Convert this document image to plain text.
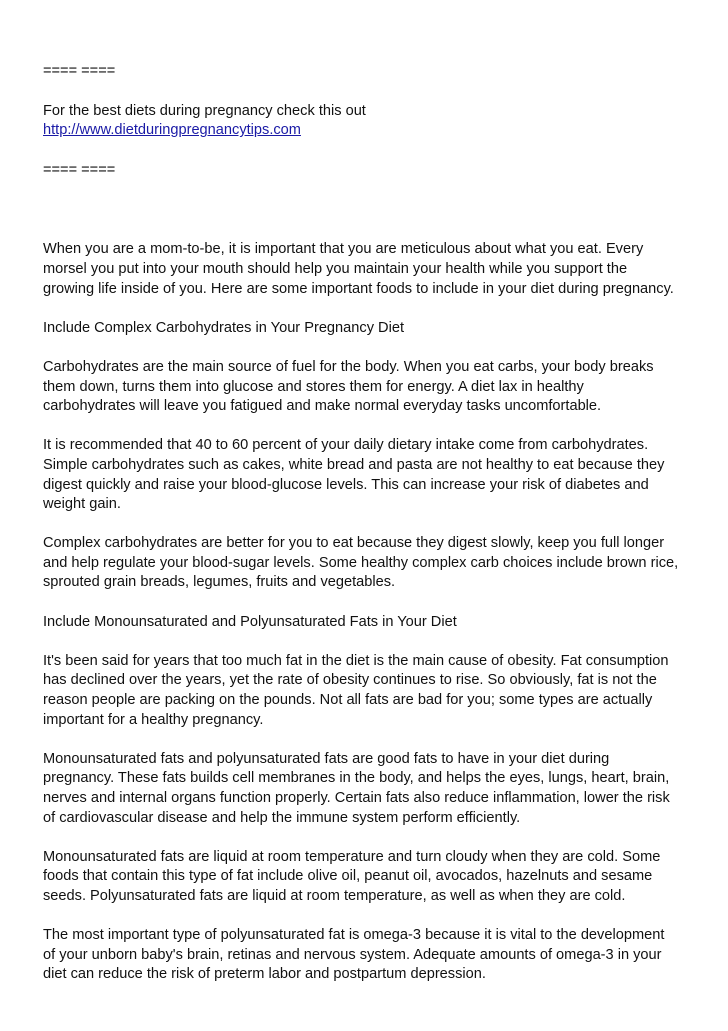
==== ====

For the best diets during pregnancy check this out

http://www.dietduringpregnancytips.com

==== ====

When you are a mom-to-be, it is important that you are meticulous about what you eat. Every
morsel you put into your mouth should help you maintain your health while you support the
growing life inside of you. Here are some important foods to include in your diet during pregnancy.

Include Complex Carbohydrates in Your Pregnancy Diet

Carbohydrates are the main source of fuel for the body. When you eat carbs, your body breaks
them down, turns them into glucose and stores them for energy. A diet lax in healthy
carbohydrates will leave you fatigued and make normal everyday tasks uncomfortable.

It is recommended that 40 to 60 percent of your daily dietary intake come from carbohydrates.
Simple carbohydrates such as cakes, white bread and pasta are not healthy to eat because they
digest quickly and raise your blood-glucose levels. This can increase your risk of diabetes and
weight gain.

Complex carbohydrates are better for you to eat because they digest slowly, keep you full longer
and help regulate your blood-sugar levels. Some healthy complex carb choices include brown rice,
sprouted grain breads, legumes, fruits and vegetables.

Include Monounsaturated and Polyunsaturated Fats in Your Diet

It's been said for years that too much fat in the diet is the main cause of obesity. Fat consumption
has declined over the years, yet the rate of obesity continues to rise. So obviously, fat is not the
reason people are packing on the pounds. Not all fats are bad for you; some types are actually
important for a healthy pregnancy.

Monounsaturated fats and polyunsaturated fats are good fats to have in your diet during
pregnancy. These fats builds cell membranes in the body, and helps the eyes, lungs, heart, brain,
nerves and internal organs function properly. Certain fats also reduce inflammation, lower the risk
of cardiovascular disease and help the immune system perform efficiently.

Monounsaturated fats are liquid at room temperature and turn cloudy when they are cold. Some
foods that contain this type of fat include olive oil, peanut oil, avocados, hazelnuts and sesame
seeds. Polyunsaturated fats are liquid at room temperature, as well as when they are cold.

The most important type of polyunsaturated fat is omega-3 because it is vital to the development
of your unborn baby's brain, retinas and nervous system. Adequate amounts of omega-3 in your
diet can reduce the risk of preterm labor and postpartum depression.
